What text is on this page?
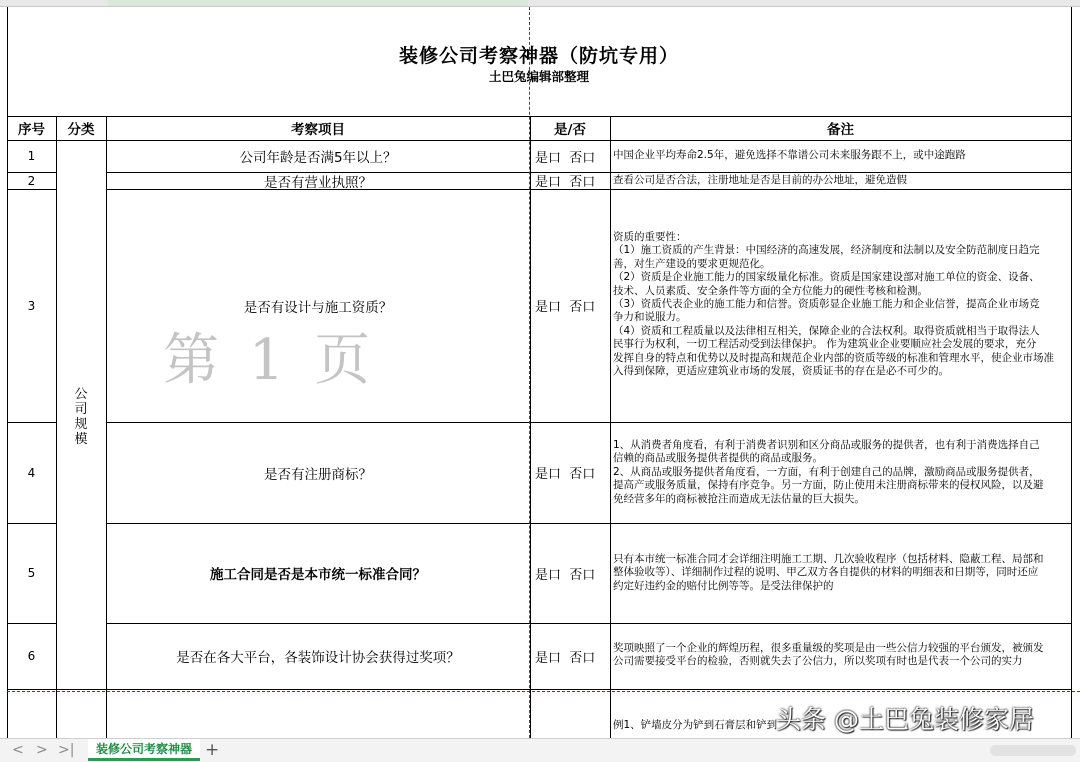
装修公司考察神器（防坑专用）
土巴兔编辑部整理
序号	分类	考察项目	是/否	备注
公
司
规
模
1	公司年龄是否满5年以上？	是口  否口	中国企业平均寿命2.5年，避免选择不靠谱公司未来服务跟不上，或中途跑路
2	是否有营业执照？	是口  否口	查看公司是否合法，注册地址是否是目前的办公地址，避免造假
3	是否有设计与施工资质？	是口  否口
资质的重要性：
（1）施工资质的产生背景：中国经济的高速发展，经济制度和法制以及安全防范制度日趋完
善，对生产建设的要求更规范化。
（2）资质是企业施工能力的国家级量化标准。资质是国家建设部对施工单位的资金、设备、
技术、人员素质、安全条件等方面的全方位能力的硬性考核和检测。
（3）资质代表企业的施工能力和信誉。资质彰显企业施工能力和企业信誉，提高企业市场竞
争力和说服力。
（4）资质和工程质量以及法律相互相关，保障企业的合法权利。取得资质就相当于取得法人
民事行为权利，一切工程活动受到法律保护。 作为建筑业企业要顺应社会发展的要求，充分
发挥自身的特点和优势以及时提高和规范企业内部的资质等级的标准和管理水平，使企业市场准
入得到保障，更适应建筑业市场的发展，资质证书的存在是必不可少的。
4	是否有注册商标？	是口  否口
1、从消费者角度看，有利于消费者识别和区分商品或服务的提供者，也有利于消费选择自己
信赖的商品或服务提供者提供的商品或服务。
2、从商品或服务提供者角度看，一方面，有利于创建自己的品牌，激励商品或服务提供者，
提高产或服务质量，保持有序竞争。另一方面，防止使用未注册商标带来的侵权风险，以及避
免经营多年的商标被抢注而造成无法估量的巨大损失。
5	施工合同是否是本市统一标准合同？	是口  否口
只有本市统一标准合同才会详细注明施工工期、几次验收程序（包括材料、隐蔽工程、局部和
整体验收等）、详细制作过程的说明、甲乙双方各自提供的材料的明细表和日期等，同时还应
约定好违约金的赔付比例等等。是受法律保护的
6	是否在各大平台，各装饰设计协会获得过奖项？	是口  否口
奖项映照了一个企业的辉煌历程，很多重量级的奖项是由一些公信力较强的平台颁发，被颁发
公司需要接受平台的检验，否则就失去了公信力，所以奖项有时也是代表一个公司的实力
例1、铲墙皮分为铲到石膏层和铲到
第 1 页
头条 @土巴兔装修家居
< > >|	装修公司考察神器 +
